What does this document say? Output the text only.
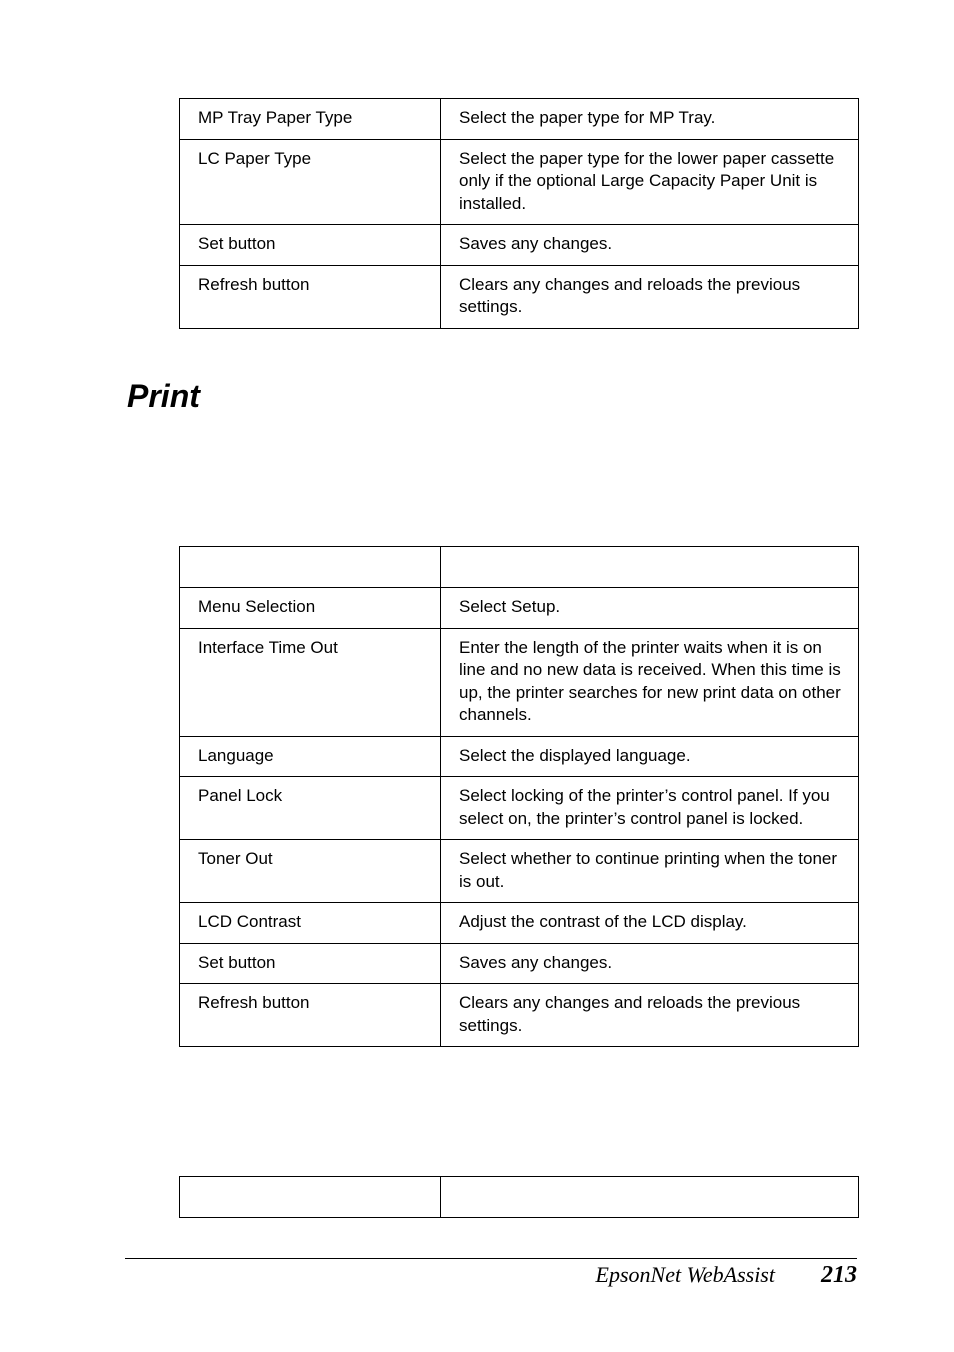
MP Tray Paper Type	Select the paper type for MP Tray.
LC Paper Type	Select the paper type for the lower paper cassette only if the optional Large Capacity Paper Unit is installed.
Set button	Saves any changes.
Refresh button	Clears any changes and reloads the previous settings.
Print

Menu Selection	Select Setup.
Interface Time Out	Enter the length of the printer waits when it is on line and no new data is received. When this time is up, the printer searches for new print data on other channels.
Language	Select the displayed language.
Panel Lock	Select locking of the printer’s control panel. If you select on, the printer’s control panel is locked.
Toner Out	Select whether to continue printing when the toner is out.
LCD Contrast	Adjust the contrast of the LCD display.
Set button	Saves any changes.
Refresh button	Clears any changes and reloads the previous settings.

EpsonNet WebAssist 213
